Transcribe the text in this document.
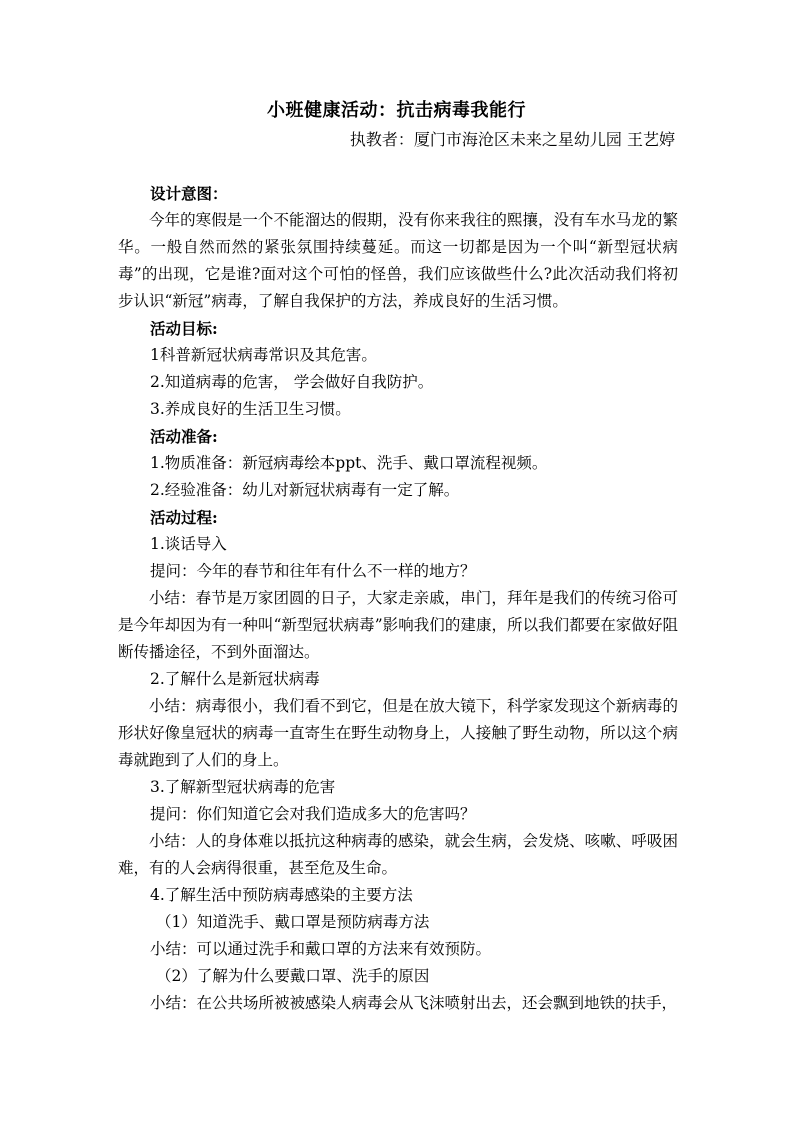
小班健康活动：抗击病毒我能行
执教者：厦门市海沧区未来之星幼儿园 王艺婷
设计意图：
今年的寒假是一个不能溜达的假期，没有你来我往的熙攘，没有车水马龙的繁华。一般自然而然的紧张氛围持续蔓延。而这一切都是因为一个叫“新型冠状病毒”的出现，它是谁?面对这个可怕的怪兽，我们应该做些什么?此次活动我们将初步认识“新冠”病毒，了解自我保护的方法，养成良好的生活习惯。
活动目标:
1科普新冠状病毒常识及其危害。
2.知道病毒的危害， 学会做好自我防护。
3.养成良好的生活卫生习惯。
活动准备:
1.物质准备：新冠病毒绘本ppt、洗手、戴口罩流程视频。
2.经验准备：幼儿对新冠状病毒有一定了解。
活动过程:
1.谈话导入
提问：今年的春节和往年有什么不一样的地方？
小结：春节是万家团圆的日子，大家走亲戚，串门，拜年是我们的传统习俗可是今年却因为有一种叫“新型冠状病毒”影响我们的建康，所以我们都要在家做好阻断传播途径，不到外面溜达。
2.了解什么是新冠状病毒
小结：病毒很小，我们看不到它，但是在放大镜下，科学家发现这个新病毒的形状好像皇冠状的病毒一直寄生在野生动物身上，人接触了野生动物，所以这个病毒就跑到了人们的身上。
3.了解新型冠状病毒的危害
提问：你们知道它会对我们造成多大的危害吗？
小结：人的身体难以抵抗这种病毒的感染，就会生病，会发烧、咳嗽、呼吸困难，有的人会病得很重，甚至危及生命。
4.了解生活中预防病毒感染的主要方法
（1）知道洗手、戴口罩是预防病毒方法
小结：可以通过洗手和戴口罩的方法来有效预防。
（2）了解为什么要戴口罩、洗手的原因
小结：在公共场所被被感染人病毒会从飞沫喷射出去，还会飘到地铁的扶手，
